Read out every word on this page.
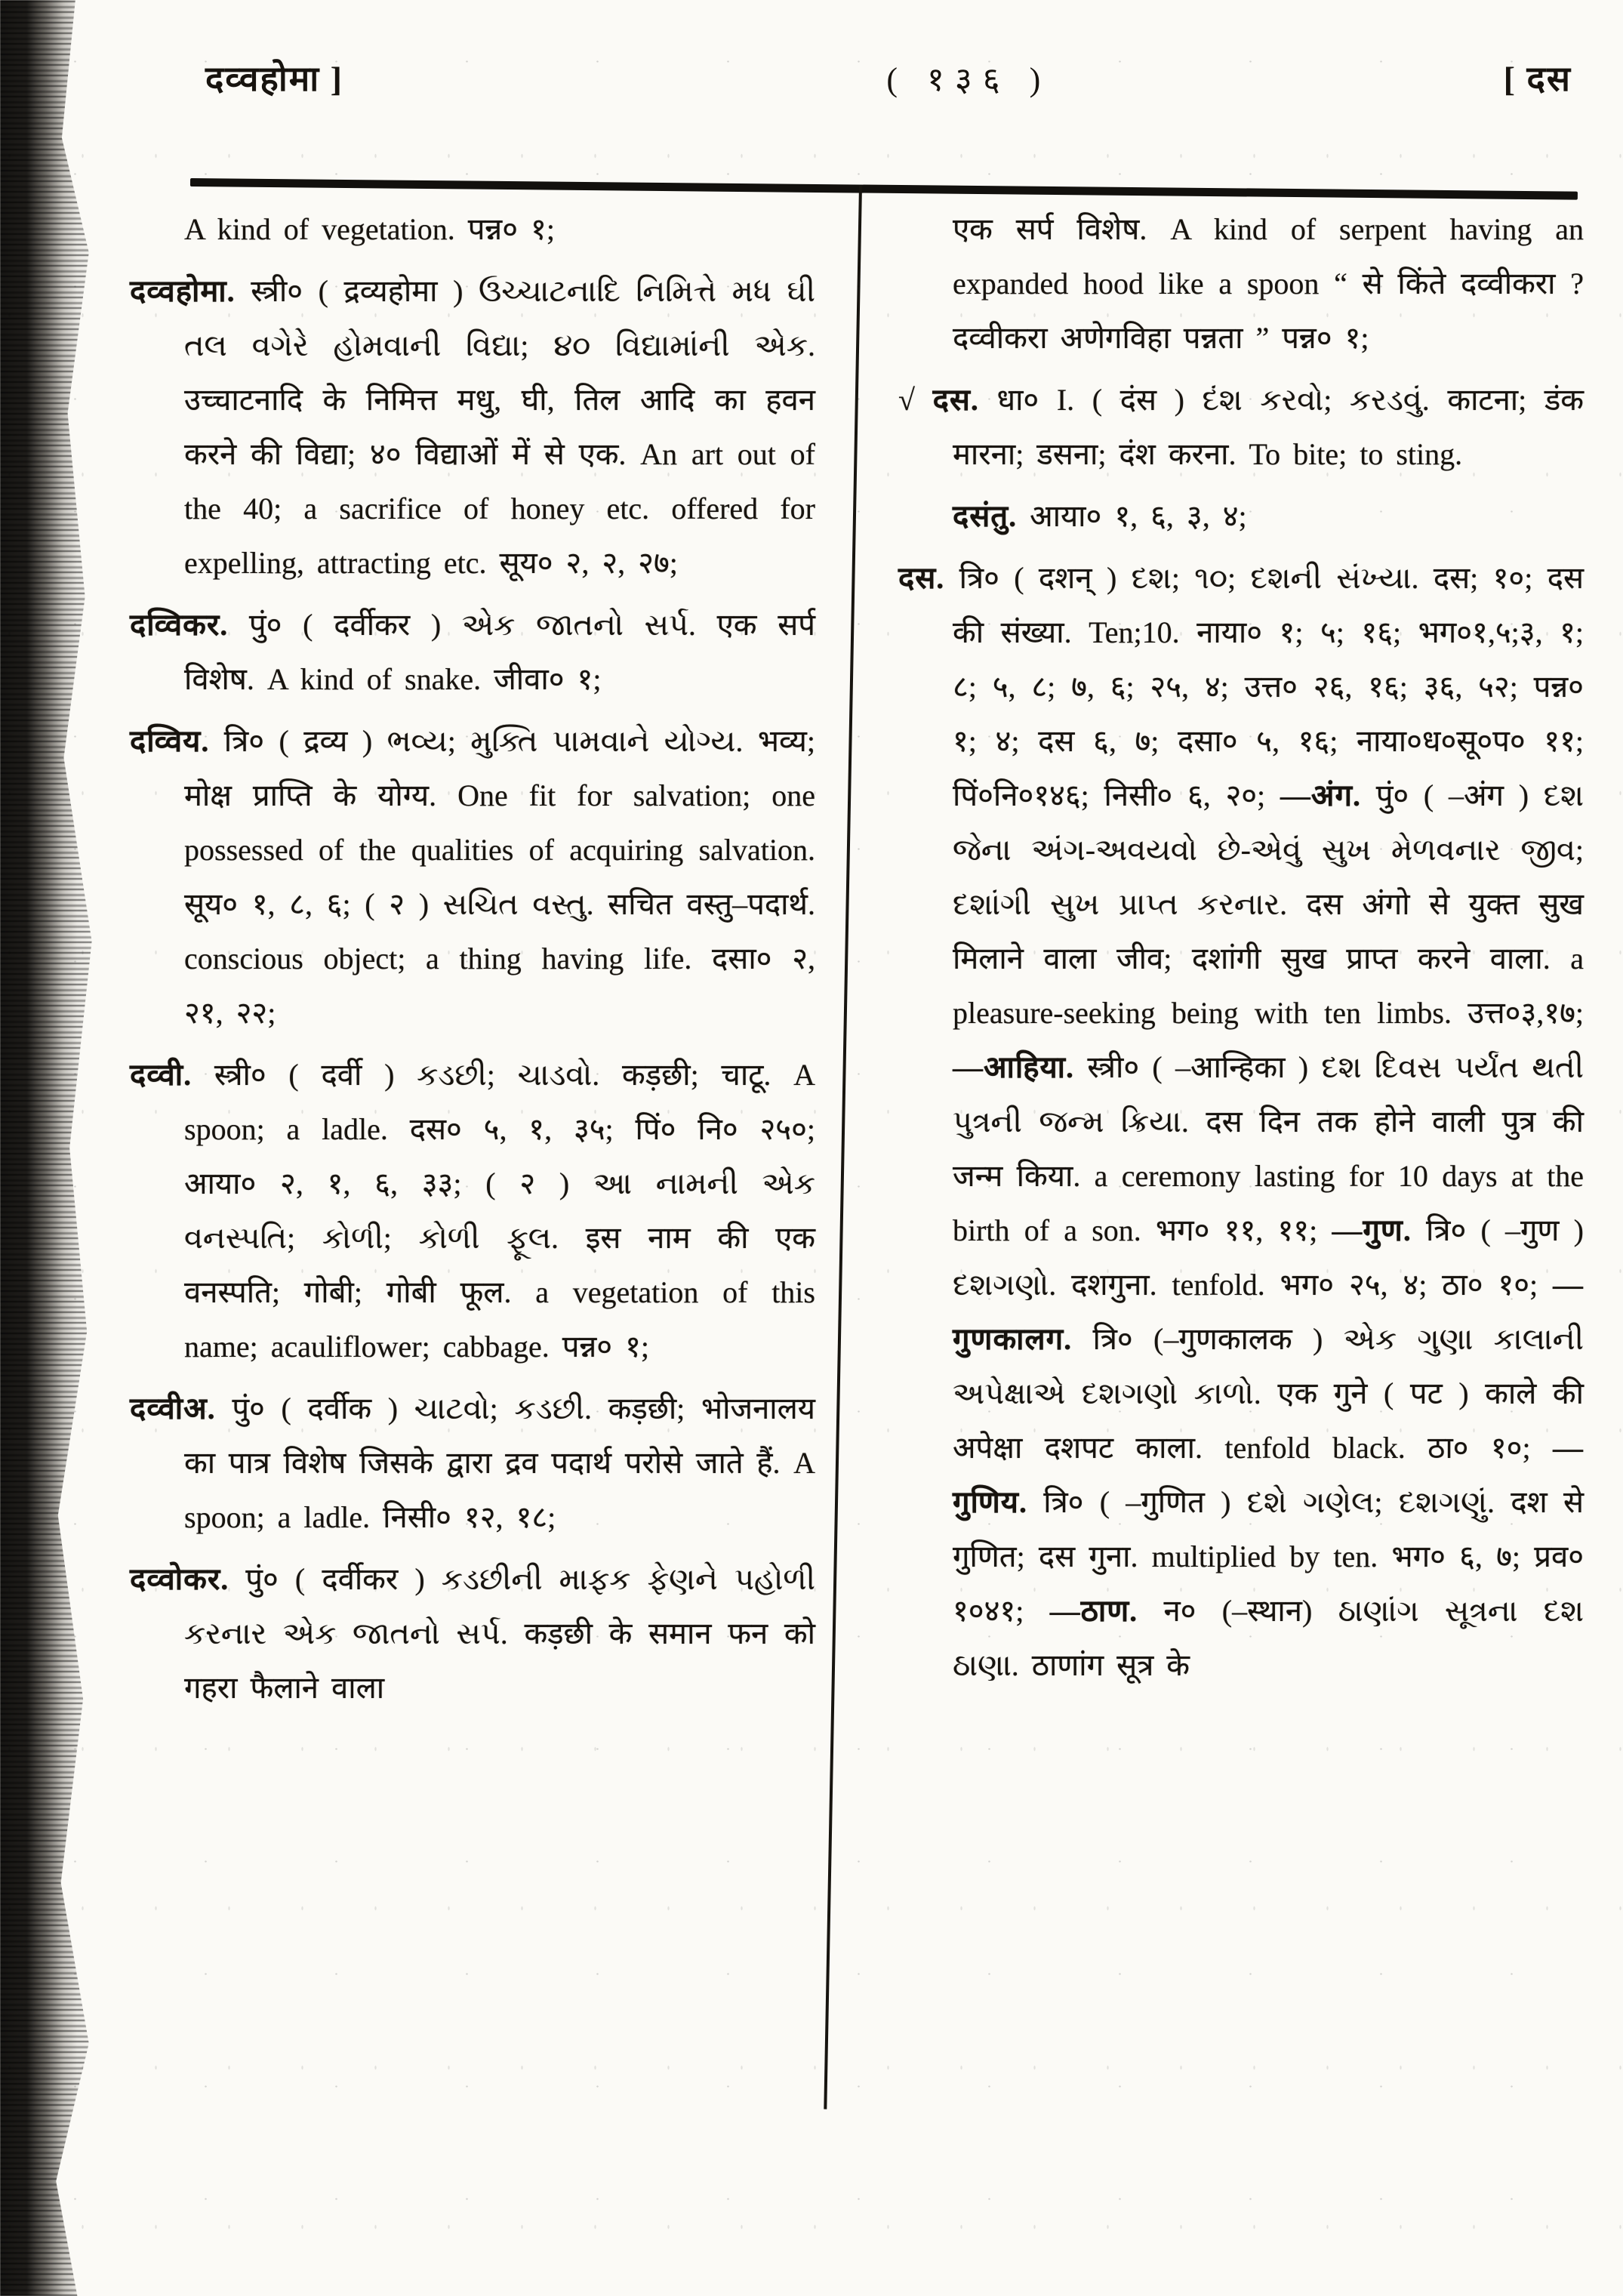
दव्वहोमा ]	( १३६ )	[ दस

A kind of vegetation. पन्न० १;

दव्वहोमा. स्त्री० ( द्रव्यहोमा ) ઉચ્ચાટનાદિ નિમિત્તે મધ ઘી તલ વગેરે હોમવાની વિદ્યા; ૪૦ વિદ્યામાંની એક. उच्चाटनादि के निमित्त मधु, घी, तिल आदि का हवन करने की विद्या; ४० विद्याओं में से एक. An art out of the 40; a sacrifice of honey etc. offered for expelling, attracting etc. सूय० २, २, २७;

दव्विकर. पुं० ( दर्वीकर ) એક જાતનો સર્પ. एक सर्प विशेष. A kind of snake. जीवा० १;

दव्विय. त्रि० ( द्रव्य ) ભવ્ય; મુક્તિ પામવાને યોગ્ય. भव्य; मोक्ष प्राप्ति के योग्य. One fit for salvation; one possessed of the qualities of acquiring salvation. सूय० १, ८, ६; ( २ ) સચિત વસ્તુ. सचित वस्तु–पदार्थ. conscious object; a thing having life. दसा० २, २१, २२;

दव्वी. स्त्री० ( दर्वी ) કડછી; ચાડવો. कड़छी; चाटू. A spoon; a ladle. दस० ५, १, ३५; पिं० नि० २५०; आया० २, १, ६, ३३; ( २ ) આ નામની એક વનસ્પતિ; કોળી; કોળી ફૂલ. इस नाम की एक वनस्पति; गोबी; गोबी फूल. a vegetation of this name; acauliflower; cabbage. पन्न० १;

दव्वीअ. पुं० ( दर्वीक ) ચાટવો; કડછી. कड़छी; भोजनालय का पात्र विशेष जिसके द्वारा द्रव पदार्थ परोसे जाते हैं. A spoon; a ladle. निसी० १२, १८;

दव्वोकर. पुं० ( दर्वीकर ) કડછીની માફક ફેણને પહોળી કરનાર એક જાતનો સર્પ. कड़छी के समान फन को गहरा फैलाने वाला

एक सर्प विशेष. A kind of serpent having an expanded hood like a spoon “ से किंते दव्वीकरा ? दव्वीकरा अणेगविहा पन्नता ” पन्न० १;

√ दस. धा० I. ( दंस ) દંશ કરવો; કરડવું. काटना; डंक मारना; डसना; दंश करना. To bite; to sting.

दसंतु. आया० १, ६, ३, ४;

दस. त्रि० ( दशन् ) દશ; ૧૦; દશની સંખ્યા. दस; १०; दस की संख्या. Ten;10. नाया० १; ५; १६; भग०१,५;३, १; ८; ५, ८; ७, ६; २५, ४; उत्त० २६, १६; ३६, ५२; पन्न० १; ४; दस ६, ७; दसा० ५, १६; नाया०ध०सू०प० ११; पिं०नि०१४६; निसी० ६, २०; —अंग. पुं० ( –अंग ) દશ જેના અંગ-અવયવો છે-એવું સુખ મેળવનાર જીવ; દશાંગી સુખ પ્રાપ્ત કરનાર. दस अंगो से युक्त सुख मिलाने वाला जीव; दशांगी सुख प्राप्त करने वाला. a pleasure-seeking being with ten limbs. उत्त०३,१७; —आहिया. स्त्री० ( –आन्हिका ) દશ દિવસ પર્યંત થતી પુત્રની જન્મ ક્રિયા. दस दिन तक होने वाली पुत्र की जन्म किया. a ceremony lasting for 10 days at the birth of a son. भग० ११, ११; —गुण. त्रि० ( –गुण ) દશગણો. दशगुना. tenfold. भग० २५, ४; ठा० १०; —गुणकालग. त्रि० (–गुणकालक ) એક ગુણા કાલાની અપેક્ષાએ દશગણો કાળો. एक गुने ( पट ) काले की अपेक्षा दशपट काला. tenfold black. ठा० १०; —गुणिय. त्रि० ( –गुणित ) દશે ગણેલ; દશગણું. दश से गुणित; दस गुना. multiplied by ten. भग० ६, ७; प्रव० १०४१; —ठाण. न० (–स्थान) ઠાણાંગ સૂત્રના દશ ઠાણા. ठाणांग सूत्र के
